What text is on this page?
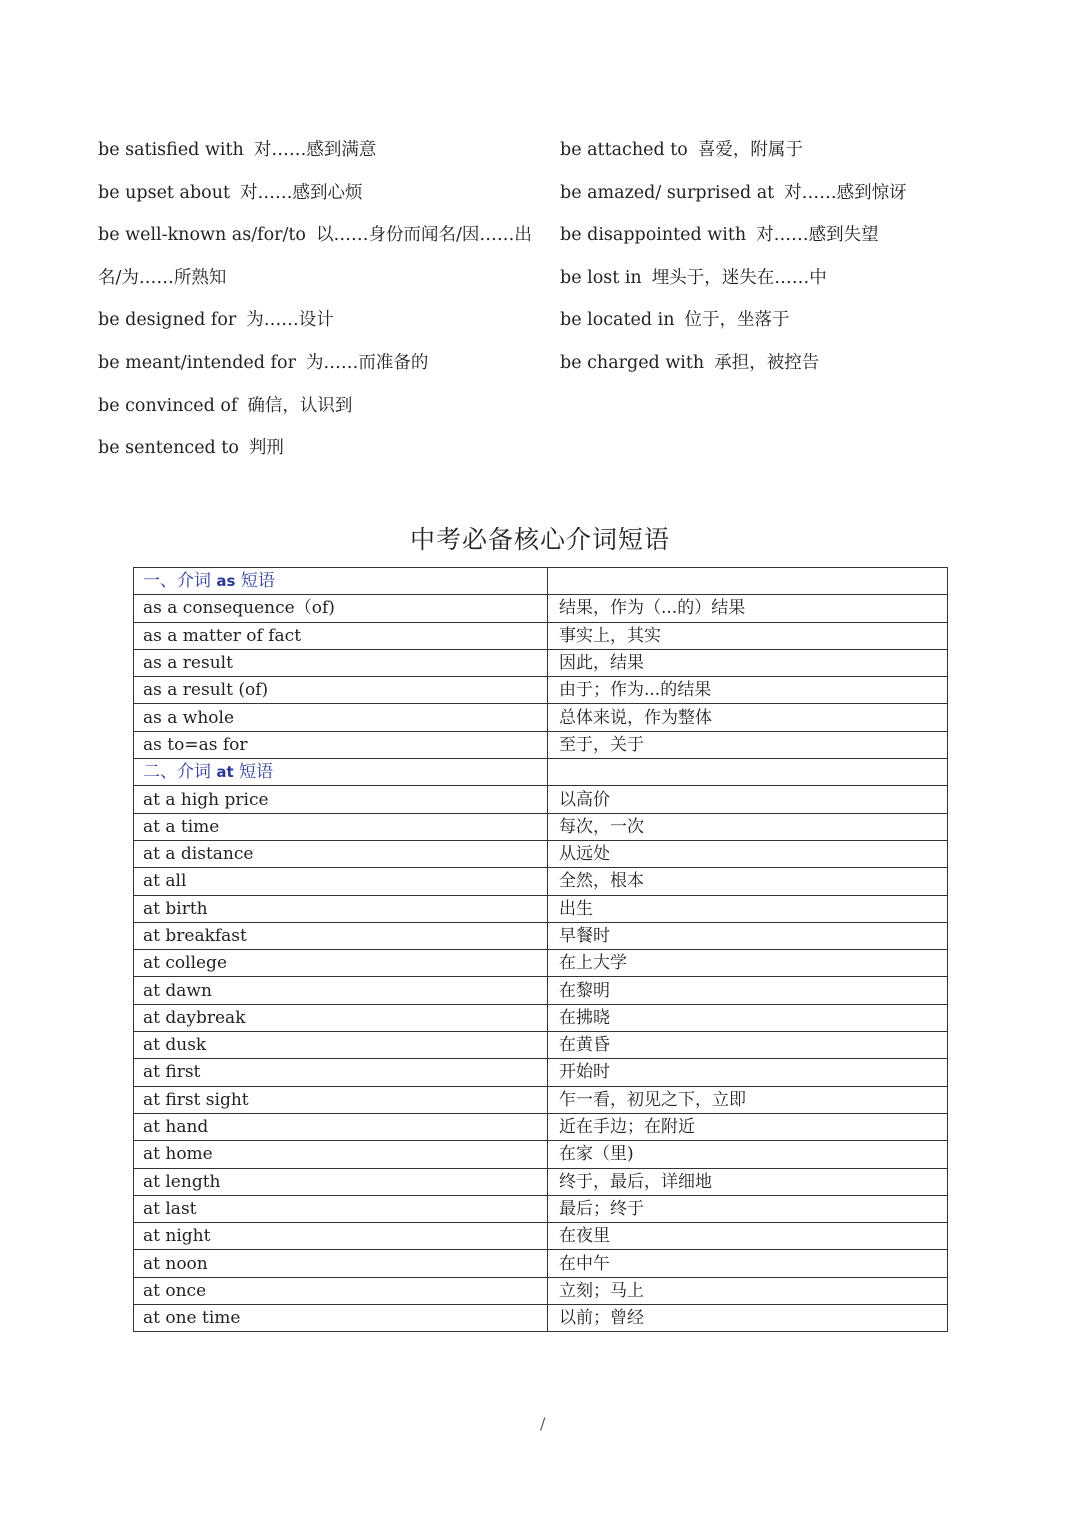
be satisfied with 对……感到满意
be upset about 对……感到心烦
be well-known as/for/to 以……身份而闻名/因……出
名/为……所熟知
be designed for 为……设计
be meant/intended for 为……而准备的
be convinced of 确信，认识到
be sentenced to 判刑
be attached to 喜爱，附属于
be amazed/ surprised at 对……感到惊讶
be disappointed with 对……感到失望
be lost in 埋头于，迷失在……中
be located in 位于，坐落于
be charged with 承担，被控告
中考必备核心介词短语
一、介词 as 短语	
as a consequence（of)	结果，作为（...的）结果
as a matter of fact	事实上，其实
as a result	因此，结果
as a result (of)	由于；作为...的结果
as a whole	总体来说，作为整体
as to=as for	至于，关于
二、介词 at 短语	
at a high price	以高价
at a time	每次，一次
at a distance	从远处
at all	全然，根本
at birth	出生
at breakfast	早餐时
at college	在上大学
at dawn	在黎明
at daybreak	在拂晓
at dusk	在黄昏
at first	开始时
at first sight	乍一看，初见之下，立即
at hand	近在手边；在附近
at home	在家（里)
at length	终于，最后，详细地
at last	最后；终于
at night	在夜里
at noon	在中午
at once	立刻；马上
at one time	以前；曾经
/
